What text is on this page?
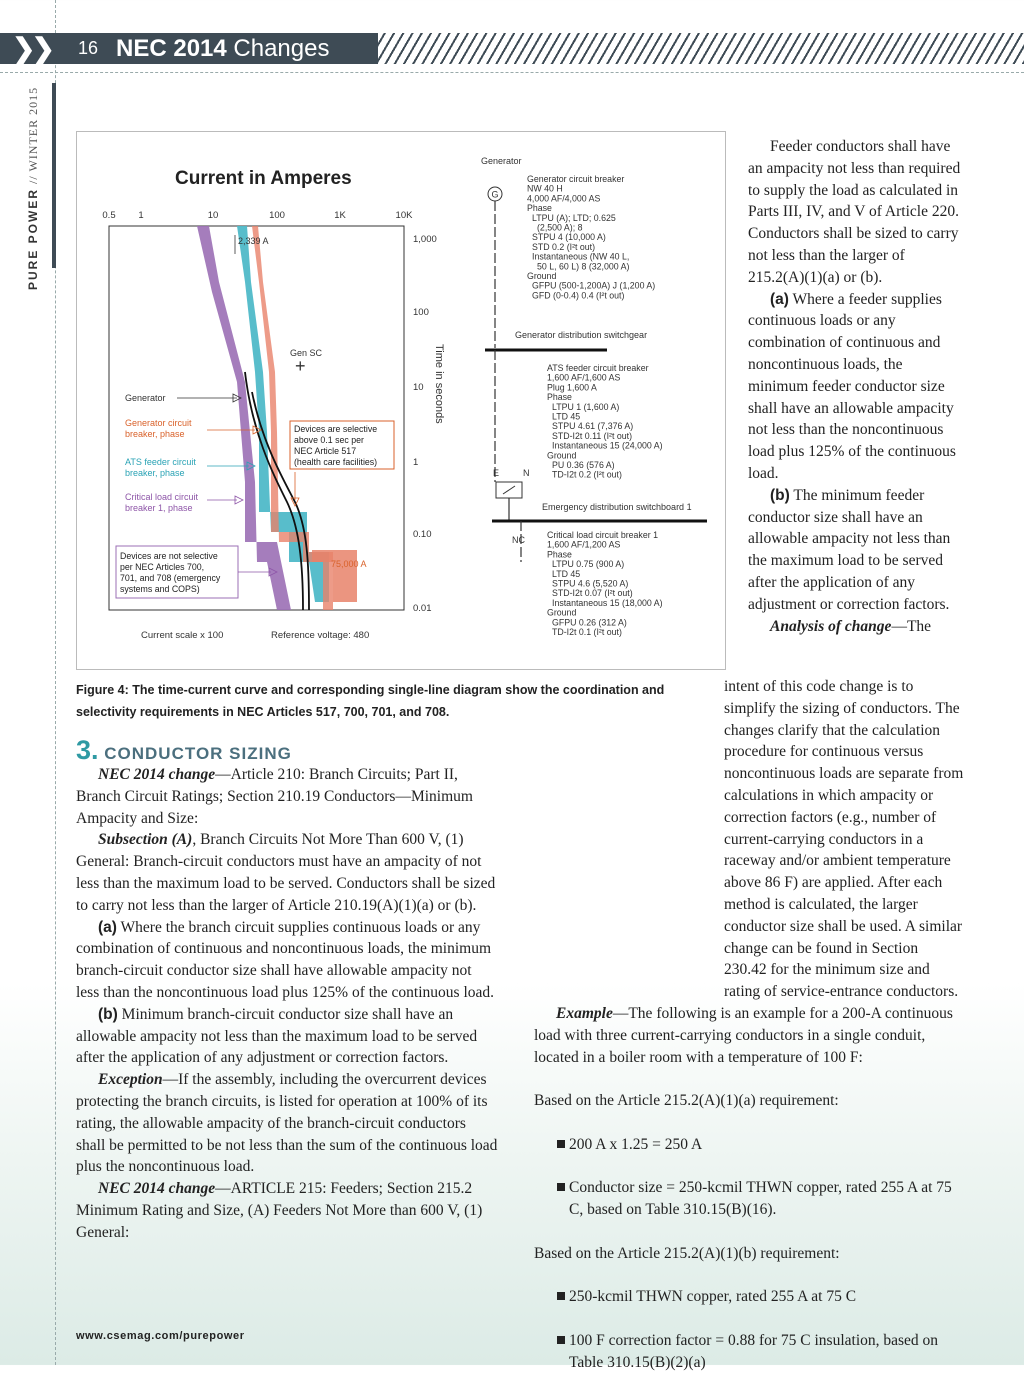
❯❯ 16 NEC 2014 Changes
PURE POWER // WINTER 2015	Current in Amperes
0.5 1	10	100	1K	10K
2,339 A
Gen SC
+
Generator
Generator circuit
breaker, phase
ATS feeder circuit
breaker, phase
Critical load circuit
breaker 1, phase
Devices are selective
above 0.1 sec per
NEC Article 517
(health care facilities)
Devices are not selective
per NEC Articles 700,
701, and 708 (emergency
systems and COPS)
75,000 A
1,000
100
10
1
0.10
0.01
Time in seconds
Current scale x 100	Reference voltage: 480
Generator
G
Generator circuit breaker
NW 40 H
4,000 AF/4,000 AS
Phase
LTPU (A); LTD; 0.625
(2,500 A); 8
STPU 4 (10,000 A)
STD 0.2 (I²t out)
Instantaneous (NW 40 L,
50 L, 60 L) 8 (32,000 A)
Ground
GFPU (500-1,200A) J (1,200 A)
GFD (0-0.4) 0.4 (I²t out)
Generator distribution switchgear
ATS feeder circuit breaker
1,600 AF/1,600 AS
Plug 1,600 A
Phase
LTPU 1 (1,600 A)
LTD 45
STPU 4.61 (7,376 A)
STD-I2t 0.11 (I²t out)
Instantaneous 15 (24,000 A)
Ground
PU 0.36 (576 A)
TD-I2t 0.2 (I²t out)
E	N
Emergency distribution switchboard 1
NC	Critical load circuit breaker 1
1,600 AF/1,200 AS
Phase
LTPU 0.75 (900 A)
LTD 45
STPU 4.6 (5,520 A)
STD-I2t 0.07 (I²t out)
Instantaneous 15 (18,000 A)
Ground
GFPU 0.26 (312 A)
TD-I2t 0.1 (I²t out)
Figure 4: The time-current curve and corresponding single-line diagram show the coordination and selectivity requirements in NEC Articles 517, 700, 701, and 708.
3. CONDUCTOR SIZING

NEC 2014 change—Article 210: Branch Circuits; Part II, Branch Circuit Ratings; Section 210.19 Conductors—Minimum Ampacity and Size:

Subsection (A), Branch Circuits Not More Than 600 V, (1) General: Branch-circuit conductors must have an ampacity of not less than the maximum load to be served. Conductors shall be sized to carry not less than the larger of Article 210.19(A)(1)(a) or (b).

(a) Where the branch circuit supplies continuous loads or any combination of continuous and noncontinuous loads, the minimum branch-circuit conductor size shall have allowable ampacity not less than the noncontinuous load plus 125% of the continuous load.

(b) Minimum branch-circuit conductor size shall have an allowable ampacity not less than the maximum load to be served after the application of any adjustment or correction factors.

Exception—If the assembly, including the overcurrent devices protecting the branch circuits, is listed for operation at 100% of its rating, the allowable ampacity of the branch-circuit conductors shall be permitted to be not less than the sum of the continuous load plus the noncontinuous load.

NEC 2014 change—ARTICLE 215: Feeders; Section 215.2 Minimum Rating and Size, (A) Feeders Not More than 600 V, (1) General:

Feeder conductors shall have an ampacity not less than required to supply the load as calculated in Parts III, IV, and V of Article 220. Conductors shall be sized to carry not less than the larger of 215.2(A)(1)(a) or (b).

(a) Where a feeder supplies continuous loads or any combination of continuous and noncontinuous loads, the minimum feeder conductor size shall have an allowable ampacity not less than the noncontinuous load plus 125% of the continuous load.

(b) The minimum feeder conductor size shall have an allowable ampacity not less than the maximum load to be served after the application of any adjustment or correction factors.

Analysis of change—The

intent of this code change is to simplify the sizing of conductors. The changes clarify that the calculation procedure for continuous versus noncontinuous loads are separate from calculations in which ampacity or correction factors (e.g., number of current-carrying conductors in a raceway and/or ambient temperature above 86 F) are applied. After each method is calculated, the larger conductor size shall be used. A similar change can be found in Section 230.42 for the minimum size and rating of service-entrance conductors.

Example—The following is an example for a 200-A continuous load with three current-carrying conductors in a single conduit, located in a boiler room with a temperature of 100 F:

Based on the Article 215.2(A)(1)(a) requirement:

200 A x 1.25 = 250 A

Conductor size = 250-kcmil THWN copper, rated 255 A at 75 C, based on Table 310.15(B)(16).

Based on the Article 215.2(A)(1)(b) requirement:

250-kcmil THWN copper, rated 255 A at 75 C

100 F correction factor = 0.88 for 75 C insulation, based on Table 310.15(B)(2)(a)

www.csemag.com/purepower
